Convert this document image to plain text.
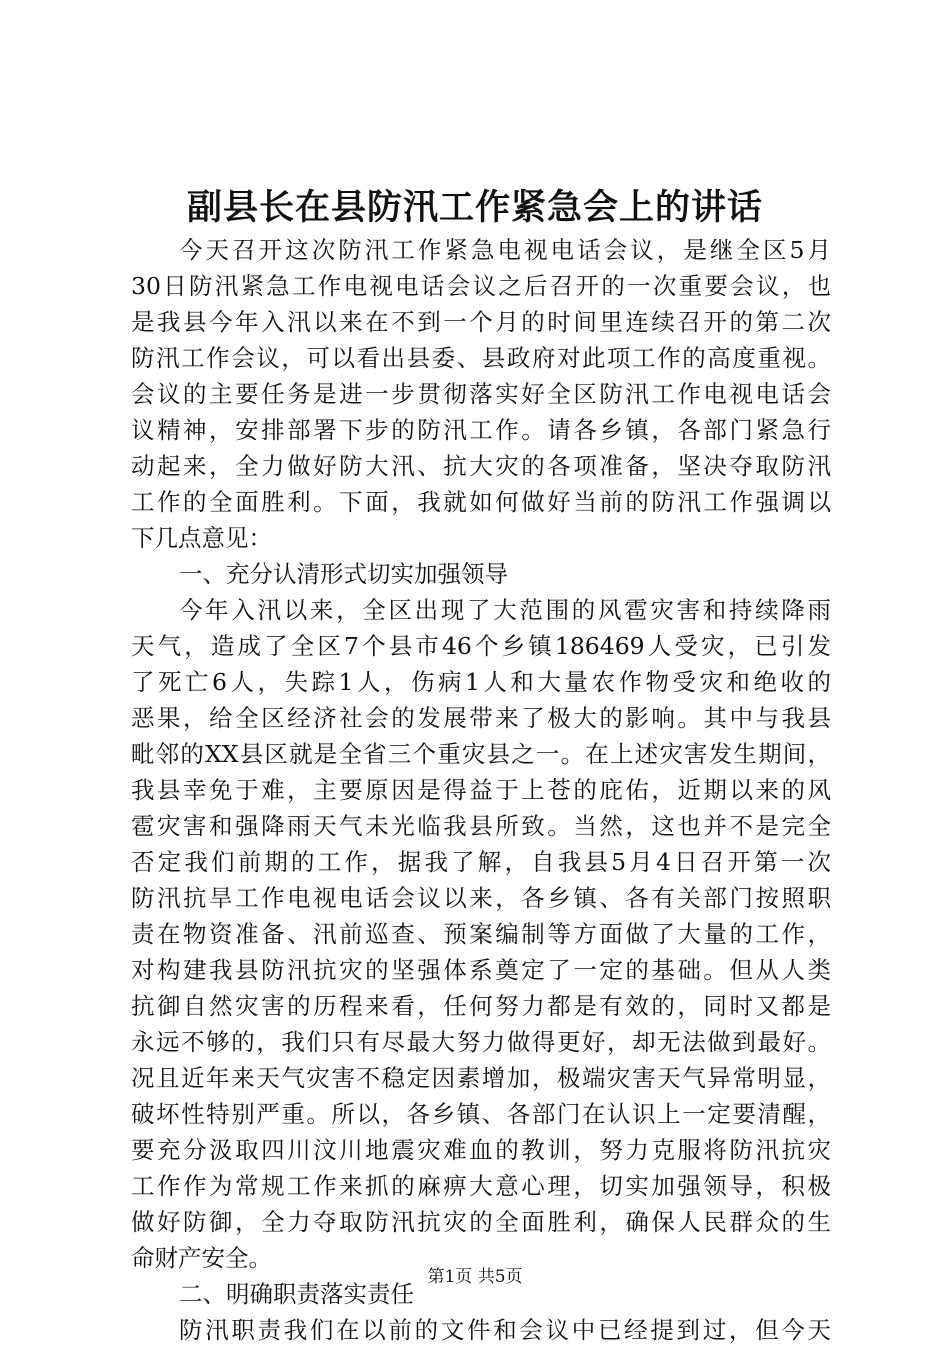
副县长在县防汛工作紧急会上的讲话
今天召开这次防汛工作紧急电视电话会议，是继全区5月
30日防汛紧急工作电视电话会议之后召开的一次重要会议，也
是我县今年入汛以来在不到一个月的时间里连续召开的第二次
防汛工作会议，可以看出县委、县政府对此项工作的高度重视。
会议的主要任务是进一步贯彻落实好全区防汛工作电视电话会
议精神，安排部署下步的防汛工作。请各乡镇，各部门紧急行
动起来，全力做好防大汛、抗大灾的各项准备，坚决夺取防汛
工作的全面胜利。下面，我就如何做好当前的防汛工作强调以
下几点意见：
一、充分认清形式切实加强领导
今年入汛以来，全区出现了大范围的风雹灾害和持续降雨
天气，造成了全区7个县市46个乡镇186469人受灾，已引发
了死亡6人，失踪1人，伤病1人和大量农作物受灾和绝收的
恶果，给全区经济社会的发展带来了极大的影响。其中与我县
毗邻的XX县区就是全省三个重灾县之一。在上述灾害发生期间，
我县幸免于难，主要原因是得益于上苍的庇佑，近期以来的风
雹灾害和强降雨天气未光临我县所致。当然，这也并不是完全
否定我们前期的工作，据我了解，自我县5月4日召开第一次
防汛抗旱工作电视电话会议以来，各乡镇、各有关部门按照职
责在物资准备、汛前巡查、预案编制等方面做了大量的工作，
对构建我县防汛抗灾的坚强体系奠定了一定的基础。但从人类
抗御自然灾害的历程来看，任何努力都是有效的，同时又都是
永远不够的，我们只有尽最大努力做得更好，却无法做到最好。
况且近年来天气灾害不稳定因素增加，极端灾害天气异常明显，
破坏性特别严重。所以，各乡镇、各部门在认识上一定要清醒，
要充分汲取四川汶川地震灾难血的教训，努力克服将防汛抗灾
工作作为常规工作来抓的麻痹大意心理，切实加强领导，积极
做好防御，全力夺取防汛抗灾的全面胜利，确保人民群众的生
命财产安全。
二、明确职责落实责任
防汛职责我们在以前的文件和会议中已经提到过，但今天
第1页 共5页
